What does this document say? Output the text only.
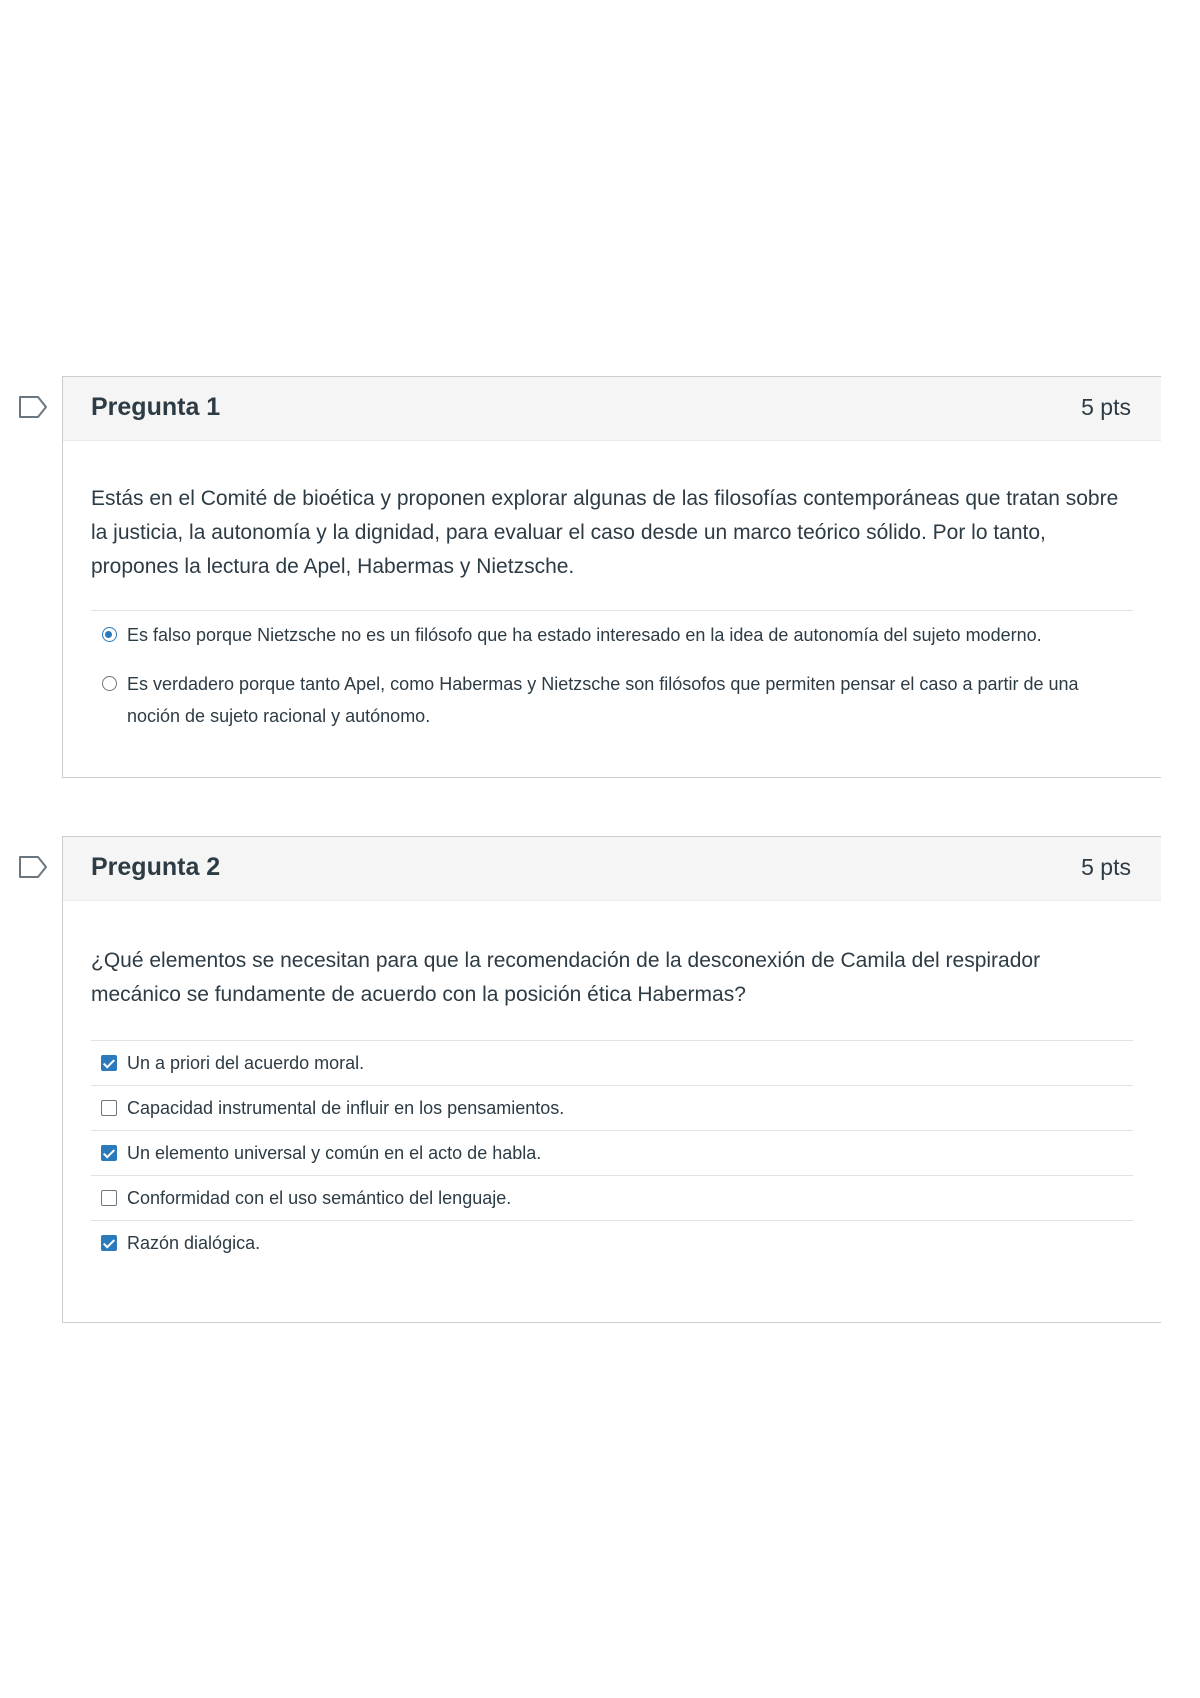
Pregunta 1	5 pts

Estás en el Comité de bioética y proponen explorar algunas de las filosofías contemporáneas que tratan sobre la justicia, la autonomía y la dignidad, para evaluar el caso desde un marco teórico sólido. Por lo tanto, propones la lectura de Apel, Habermas y Nietzsche.

Es falso porque Nietzsche no es un filósofo que ha estado interesado en la idea de autonomía del sujeto moderno.
Es verdadero porque tanto Apel, como Habermas y Nietzsche son filósofos que permiten pensar el caso a partir de una noción de sujeto racional y autónomo.
Pregunta 2	5 pts

¿Qué elementos se necesitan para que la recomendación de la desconexión de Camila del respirador mecánico se fundamente de acuerdo con la posición ética Habermas?

Un a priori del acuerdo moral.
Capacidad instrumental de influir en los pensamientos.
Un elemento universal y común en el acto de habla.
Conformidad con el uso semántico del lenguaje.
Razón dialógica.
